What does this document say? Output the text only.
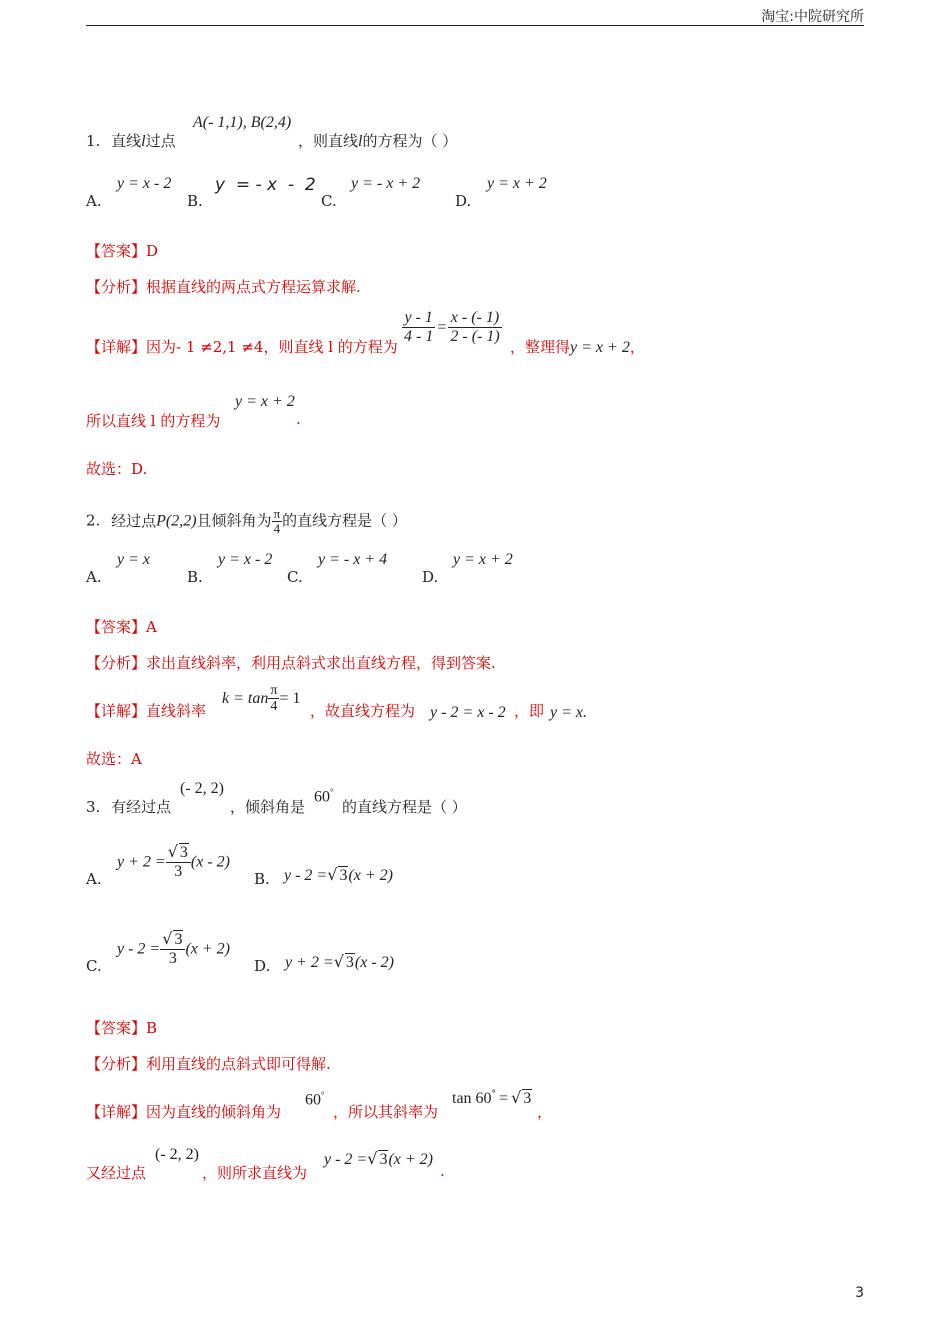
淘宝:中院研究所
1. 直线l过点
A(- 1,1), B(2,4)
，则直线l的方程为（ ）
A.
y = x - 2
B.
y  = - x  -  2
C.
y = - x + 2
D.
y = x + 2
【答案】D
【分析】根据直线的两点式方程运算求解.
【详解】因为- 1 ≠2,1 ≠4，则直线 l 的方程为
$\frac{y - 1}{4 - 1} = \frac{x - (- 1)}{2 - (- 1)}$
，整理得y = x + 2，
所以直线 l 的方程为
y = x + 2
.
故选：D.
2. 经过点P(2,2)且倾斜角为 $\frac{\pi}{4}$ 的直线方程是（ ）
A.
y = x
B.
y = x - 2
C.
y = - x + 4
D.
y = x + 2
【答案】A
【分析】求出直线斜率，利用点斜式求出直线方程，得到答案.
【详解】直线斜率
$k = \tan \frac{\pi}{4} = 1$
，故直线方程为 y - 2 = x - 2 ，即 y = x.
故选：A
3. 有经过点
(- 2, 2)
，倾斜角是
60°
的直线方程是（ ）
A.
$y + 2 = \frac{√ 3}{3} (x - 2)$
B. y - 2 =√ 3(x + 2)
C.
$y - 2 = \frac{√ 3}{3} (x + 2)$
D. y + 2 =√ 3(x - 2)
【答案】B
【分析】利用直线的点斜式即可得解.
【详解】因为直线的倾斜角为
60°
，所以其斜率为
tan 60° = √ 3
，
又经过点
(- 2, 2)
，则所求直线为
y - 2 =√ 3(x + 2)
.
3
